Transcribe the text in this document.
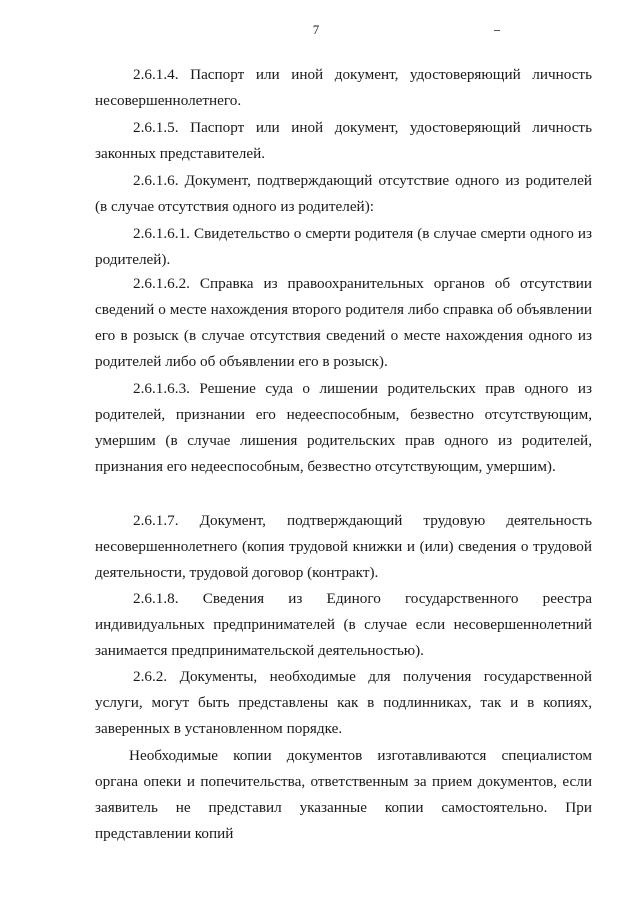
7

2.6.1.4. Паспорт или иной документ, удостоверяющий личность несовершеннолетнего.

2.6.1.5. Паспорт или иной документ, удостоверяющий личность законных представителей.

2.6.1.6. Документ, подтверждающий отсутствие одного из родителей (в случае отсутствия одного из родителей):

2.6.1.6.1. Свидетельство о смерти родителя (в случае смерти одного из родителей).

2.6.1.6.2. Справка из правоохранительных органов об отсутствии сведений о месте нахождения второго родителя либо справка об объявлении его в розыск (в случае отсутствия сведений о месте нахождения одного из родителей либо об объявлении его в розыск).

2.6.1.6.3. Решение суда о лишении родительских прав одного из родителей, признании его недееспособным, безвестно отсутствующим, умершим (в случае лишения родительских прав одного из родителей, признания его недееспособным, безвестно отсутствующим, умершим).

2.6.1.7. Документ, подтверждающий трудовую деятельность несовершеннолетнего (копия трудовой книжки и (или) сведения о трудовой деятельности, трудовой договор (контракт).

2.6.1.8. Сведения из Единого государственного реестра индивидуальных предпринимателей (в случае если несовершеннолетний занимается предпринимательской деятельностью).

2.6.2. Документы, необходимые для получения государственной услуги, могут быть представлены как в подлинниках, так и в копиях, заверенных в установленном порядке.

Необходимые копии документов изготавливаются специалистом органа опеки и попечительства, ответственным за прием документов, если заявитель не представил указанные копии самостоятельно. При представлении копий
